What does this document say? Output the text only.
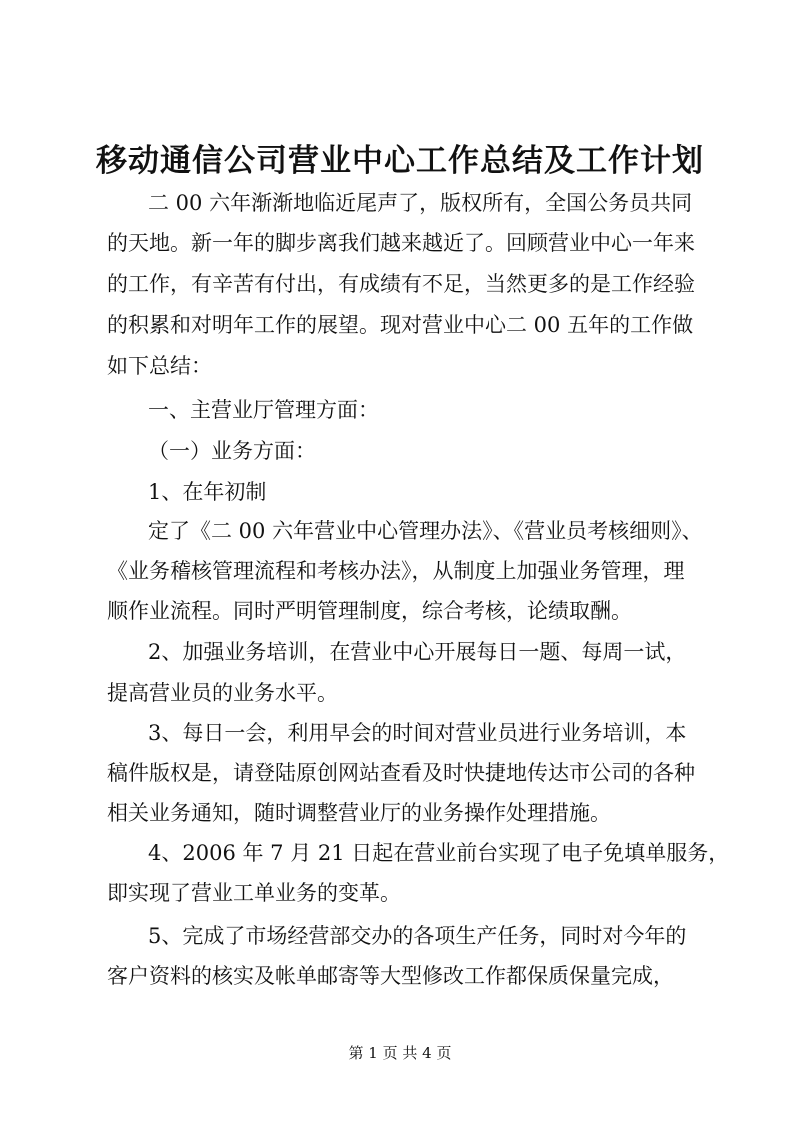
移动通信公司营业中心工作总结及工作计划

二 00 六年渐渐地临近尾声了，版权所有，全国公务员共同

的天地。新一年的脚步离我们越来越近了。回顾营业中心一年来

的工作，有辛苦有付出，有成绩有不足，当然更多的是工作经验

的积累和对明年工作的展望。现对营业中心二 00 五年的工作做

如下总结：

一、主营业厅管理方面：

（一）业务方面：

1、在年初制

定了《二 00 六年营业中心管理办法》、《营业员考核细则》、

《业务稽核管理流程和考核办法》，从制度上加强业务管理，理

顺作业流程。同时严明管理制度，综合考核，论绩取酬。

2、加强业务培训，在营业中心开展每日一题、每周一试，

提高营业员的业务水平。

3、每日一会，利用早会的时间对营业员进行业务培训，本

稿件版权是，请登陆原创网站查看及时快捷地传达市公司的各种

相关业务通知，随时调整营业厅的业务操作处理措施。

4、2006 年 7 月 21 日起在营业前台实现了电子免填单服务，

即实现了营业工单业务的变革。

5、完成了市场经营部交办的各项生产任务，同时对今年的

客户资料的核实及帐单邮寄等大型修改工作都保质保量完成，

第 1 页 共 4 页
